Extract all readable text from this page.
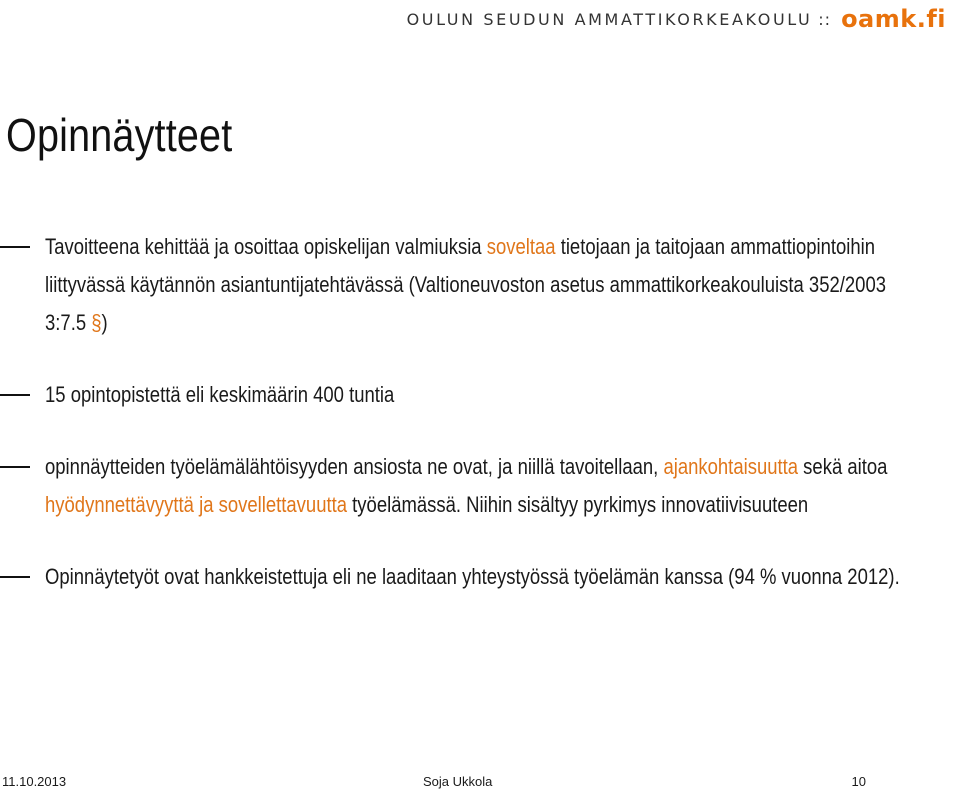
OULUN SEUDUN AMMATTIKORKEAKOULU :: oamk.fi
Opinnäytteet
Tavoitteena kehittää ja osoittaa opiskelijan valmiuksia soveltaa tietojaan ja taitojaan ammattiopintoihin liittyvässä käytännön asiantuntijatehtävässä (Valtioneuvoston asetus ammattikorkeakouluista 352/2003 3:7.5 §)
15 opintopistettä eli keskimäärin 400 tuntia
opinnäytteiden työelämälähtöisyyden ansiosta ne ovat, ja niillä tavoitellaan, ajankohtaisuutta sekä aitoa hyödynnettävyyttä ja sovellettavuutta työelämässä. Niihin sisältyy pyrkimys innovatiivisuuteen
Opinnäytetyöt ovat hankkeistettuja eli ne laaditaan yhteystyössä työelämän kanssa (94 % vuonna 2012).
11.10.2013	Soja Ukkola	10
